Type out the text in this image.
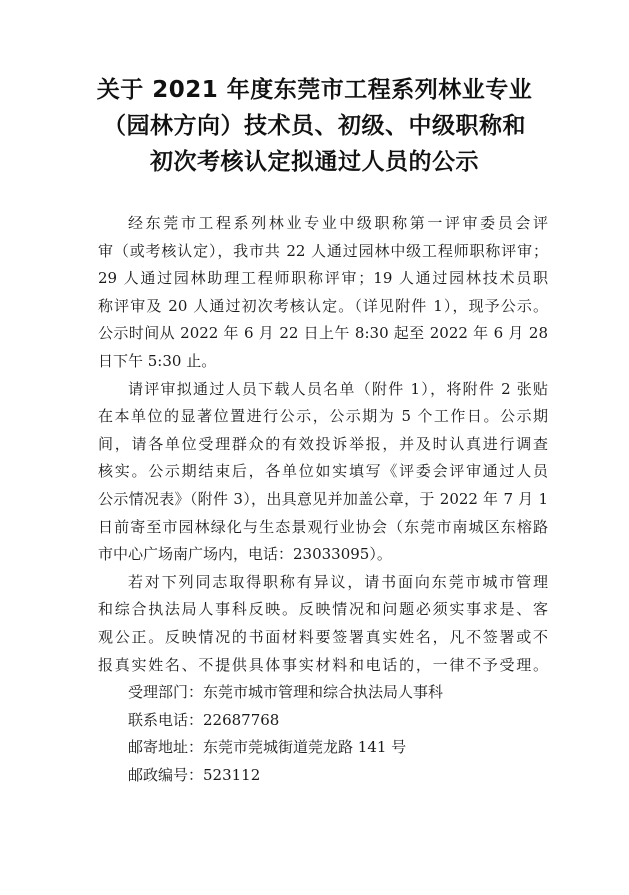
关于 2021 年度东莞市工程系列林业专业
（园林方向）技术员、初级、中级职称和
初次考核认定拟通过人员的公示
经东莞市工程系列林业专业中级职称第一评审委员会评
审（或考核认定），我市共 22 人通过园林中级工程师职称评审；
29 人通过园林助理工程师职称评审；19 人通过园林技术员职
称评审及 20 人通过初次考核认定。（详见附件 1），现予公示。
公示时间从 2022 年 6 月 22 日上午 8:30 起至 2022 年 6 月 28
日下午 5:30 止。
请评审拟通过人员下载人员名单（附件 1），将附件 2 张贴
在本单位的显著位置进行公示，公示期为 5 个工作日。公示期
间，请各单位受理群众的有效投诉举报，并及时认真进行调查
核实。公示期结束后，各单位如实填写《评委会评审通过人员
公示情况表》（附件 3），出具意见并加盖公章，于 2022 年 7 月 1
日前寄至市园林绿化与生态景观行业协会（东莞市南城区东榕路
市中心广场南广场内，电话：23033095）。
若对下列同志取得职称有异议，请书面向东莞市城市管理
和综合执法局人事科反映。反映情况和问题必须实事求是、客
观公正。反映情况的书面材料要签署真实姓名，凡不签署或不
报真实姓名、不提供具体事实材料和电话的，一律不予受理。
受理部门：东莞市城市管理和综合执法局人事科
联系电话：22687768
邮寄地址：东莞市莞城街道莞龙路 141 号
邮政编号：523112
